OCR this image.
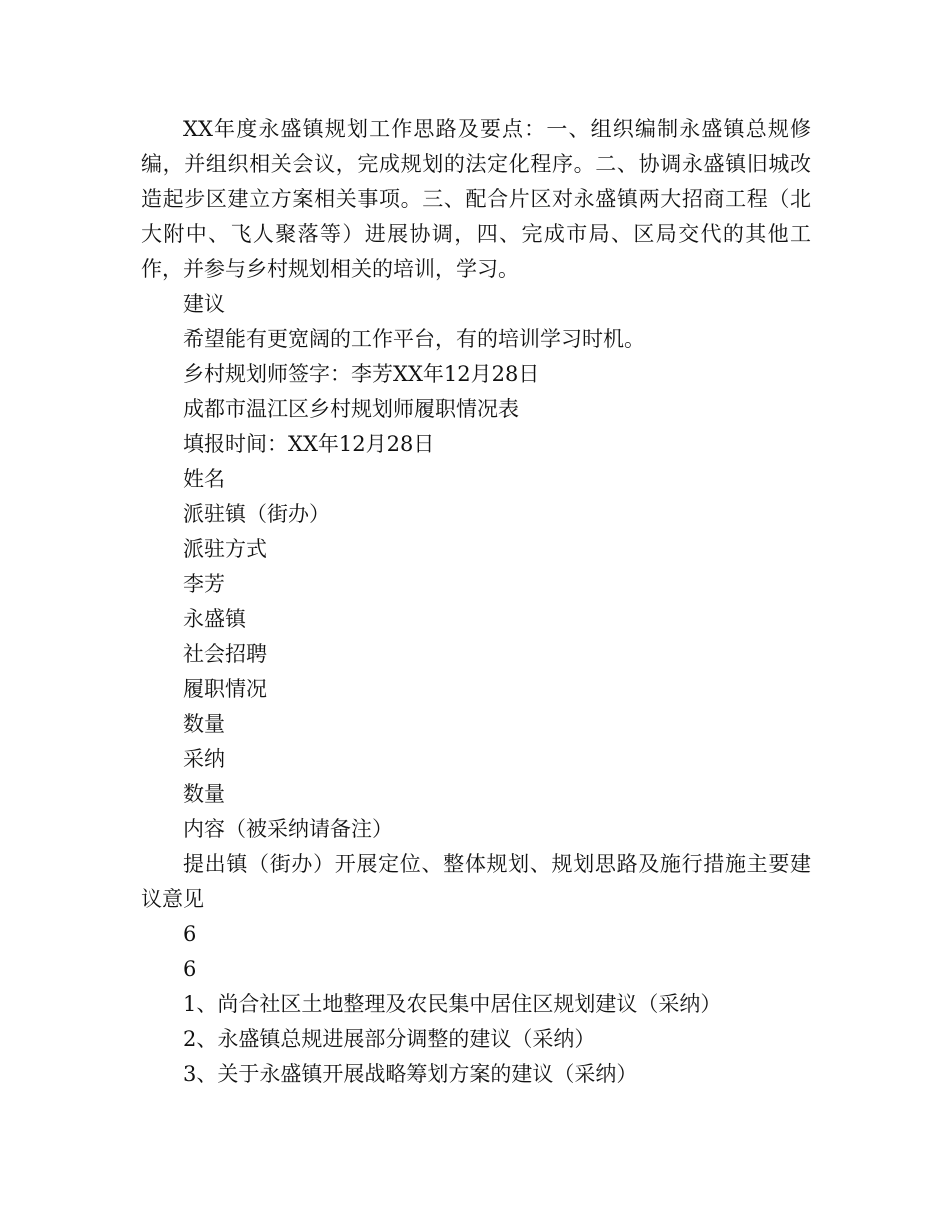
XX年度永盛镇规划工作思路及要点：一、组织编制永盛镇总规修编，并组织相关会议，完成规划的法定化程序。二、协调永盛镇旧城改造起步区建立方案相关事项。三、配合片区对永盛镇两大招商工程（北大附中、飞人聚落等）进展协调，四、完成市局、区局交代的其他工作，并参与乡村规划相关的培训，学习。

建议

希望能有更宽阔的工作平台，有的培训学习时机。

乡村规划师签字：李芳XX年12月28日

成都市温江区乡村规划师履职情况表

填报时间：XX年12月28日

姓名

派驻镇（街办）

派驻方式

李芳

永盛镇

社会招聘

履职情况

数量

采纳

数量

内容（被采纳请备注）

提出镇（街办）开展定位、整体规划、规划思路及施行措施主要建议意见

6

6

1、尚合社区土地整理及农民集中居住区规划建议（采纳）

2、永盛镇总规进展部分调整的建议（采纳）

3、关于永盛镇开展战略筹划方案的建议（采纳）
